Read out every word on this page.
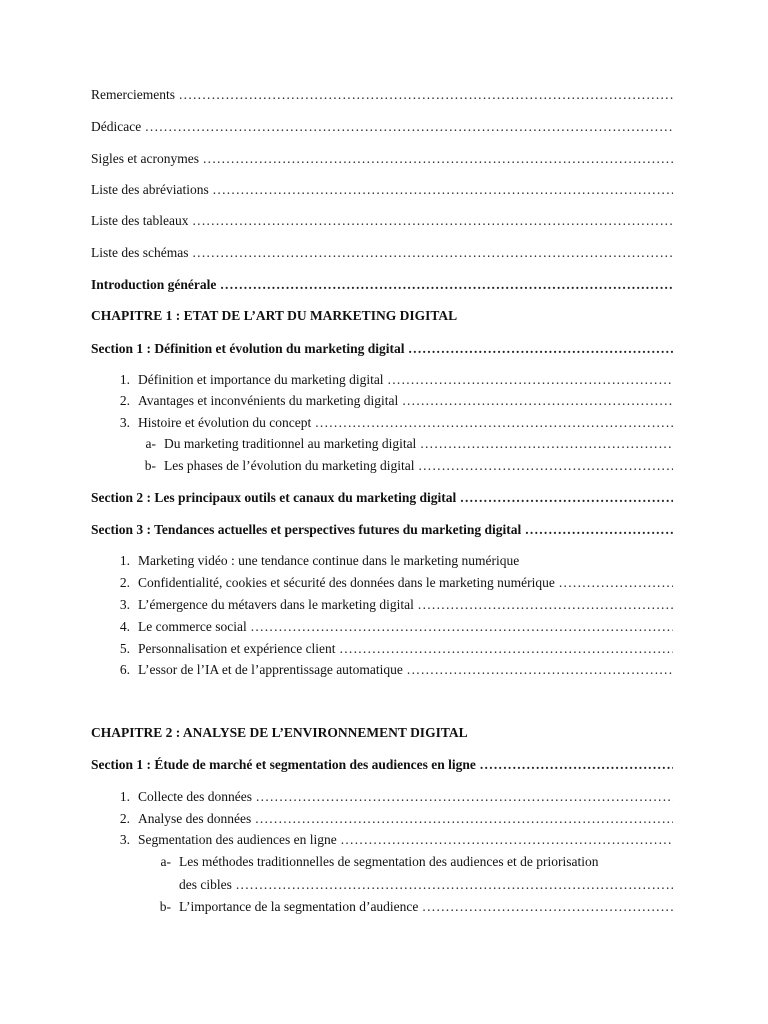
Remerciements
.....
Dédicace
.....
Sigles et acronymes
.....
Liste des abréviations
.....
Liste des tableaux
.....
Liste des schémas
.....
Introduction générale
.....
CHAPITRE 1 : ETAT DE L’ART DU MARKETING DIGITAL
Section 1 : Définition et évolution du marketing digital
.....
1. Définition et importance du marketing digital
.....
2. Avantages et inconvénients du marketing digital
.....
3. Histoire et évolution du concept
.....
a- Du marketing traditionnel au marketing digital
.....
b- Les phases de l’évolution du marketing digital
.....
Section 2 : Les principaux outils et canaux du marketing digital
.....
Section 3 : Tendances actuelles et perspectives futures du marketing digital
.....
1. Marketing vidéo : une tendance continue dans le marketing numérique
2. Confidentialité, cookies et sécurité des données dans le marketing numérique
.....
3. L’émergence du métavers dans le marketing digital
.....
4. Le commerce social
.....
5. Personnalisation et expérience client
.....
6. L’essor de l’IA et de l’apprentissage automatique
.....
CHAPITRE 2 : ANALYSE DE L’ENVIRONNEMENT DIGITAL
Section 1 : Étude de marché et segmentation des audiences en ligne
.....
1. Collecte des données
.....
2. Analyse des données
.....
3. Segmentation des audiences en ligne
.....
a- Les méthodes traditionnelles de segmentation des audiences et de priorisation
des cibles
.....
b- L’importance de la segmentation d’audience
.....
